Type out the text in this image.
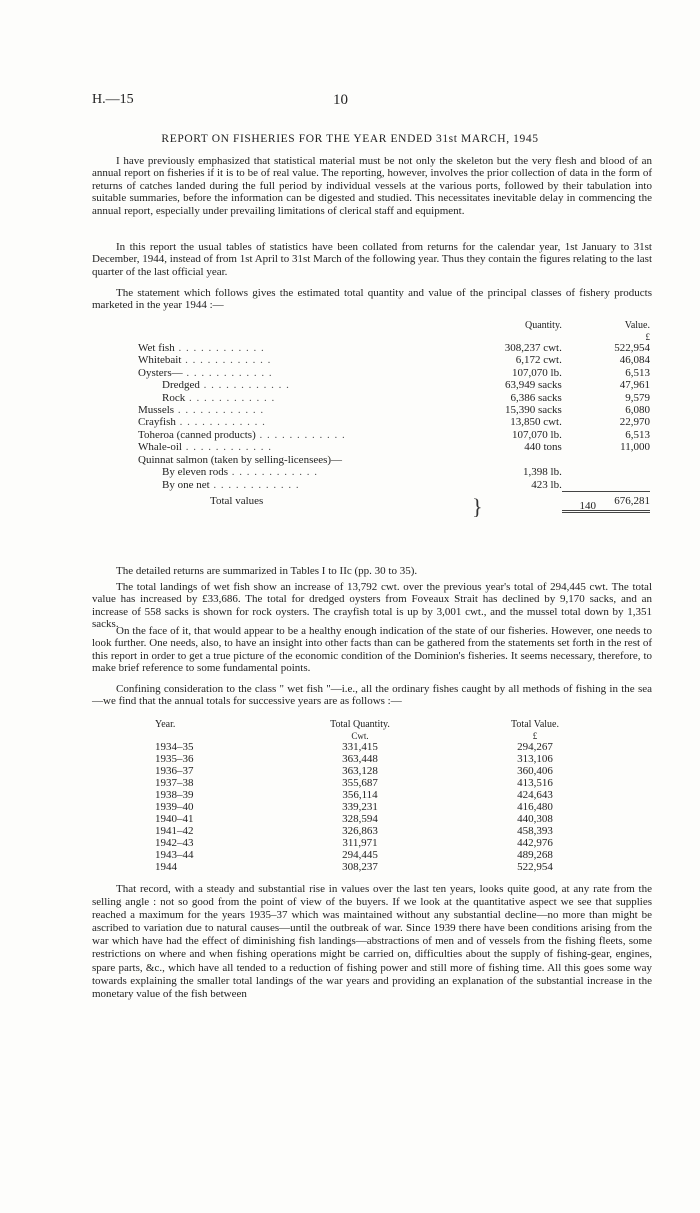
H.—15	10
REPORT ON FISHERIES FOR THE YEAR ENDED 31st MARCH, 1945

I have previously emphasized that statistical material must be not only the skeleton but the very flesh and blood of an annual report on fisheries if it is to be of real value. The reporting, however, involves the prior collection of data in the form of returns of catches landed during the full period by individual vessels at the various ports, followed by their tabulation into suitable summaries, before the information can be digested and studied. This necessitates inevitable delay in commencing the annual report, especially under prevailing limitations of clerical staff and equipment.

In this report the usual tables of statistics have been collated from returns for the calendar year, 1st January to 31st December, 1944, instead of from 1st April to 31st March of the following year. Thus they contain the figures relating to the last quarter of the last official year.

The statement which follows gives the estimated total quantity and value of the principal classes of fishery products marketed in the year 1944 :—

	Quantity.	Value.
		£
Wet fish . . . . . . . . . . . .	308,237 cwt.	522,954
Whitebait . . . . . . . . . . . .	6,172 cwt.	46,084
Oysters— . . . . . . . . . . . .	107,070 lb.	6,513
Dredged . . . . . . . . . . . .	63,949 sacks	47,961
Rock . . . . . . . . . . . .	6,386 sacks	9,579
Mussels . . . . . . . . . . . .	15,390 sacks	6,080
Crayfish . . . . . . . . . . . .	13,850 cwt.	22,970
Toheroa (canned products) . . . . . . . . . . . .	107,070 lb.	6,513
Whale-oil . . . . . . . . . . . .	440 tons	11,000
Quinnat salmon (taken by selling-licensees)—		
By eleven rods . . . . . . . . . . . .	1,398 lb.	
By one net . . . . . . . . . . . .	423 lb.	
Total values		676,281
}	140

The detailed returns are summarized in Tables I to IIc (pp. 30 to 35).

The total landings of wet fish show an increase of 13,792 cwt. over the previous year's total of 294,445 cwt. The total value has increased by £33,686. The total for dredged oysters from Foveaux Strait has declined by 9,170 sacks, and an increase of 558 sacks is shown for rock oysters. The crayfish total is up by 3,001 cwt., and the mussel total down by 1,351 sacks.

On the face of it, that would appear to be a healthy enough indication of the state of our fisheries. However, one needs to look further. One needs, also, to have an insight into other facts than can be gathered from the statements set forth in the rest of this report in order to get a true picture of the economic condition of the Dominion's fisheries. It seems necessary, therefore, to make brief reference to some fundamental points.

Confining consideration to the class " wet fish "—i.e., all the ordinary fishes caught by all methods of fishing in the sea—we find that the annual totals for successive years are as follows :—

Year.	Total Quantity.	Total Value.
	Cwt.	£
1934–35	331,415	294,267
1935–36	363,448	313,106
1936–37	363,128	360,406
1937–38	355,687	413,516
1938–39	356,114	424,643
1939–40	339,231	416,480
1940–41	328,594	440,308
1941–42	326,863	458,393
1942–43	311,971	442,976
1943–44	294,445	489,268
1944	308,237	522,954

That record, with a steady and substantial rise in values over the last ten years, looks quite good, at any rate from the selling angle : not so good from the point of view of the buyers. If we look at the quantitative aspect we see that supplies reached a maximum for the years 1935–37 which was maintained without any substantial decline—no more than might be ascribed to variation due to natural causes—until the outbreak of war. Since 1939 there have been conditions arising from the war which have had the effect of diminishing fish landings—abstractions of men and of vessels from the fishing fleets, some restrictions on where and when fishing operations might be carried on, difficulties about the supply of fishing-gear, engines, spare parts, &c., which have all tended to a reduction of fishing power and still more of fishing time. All this goes some way towards explaining the smaller total landings of the war years and providing an explanation of the substantial increase in the monetary value of the fish between
